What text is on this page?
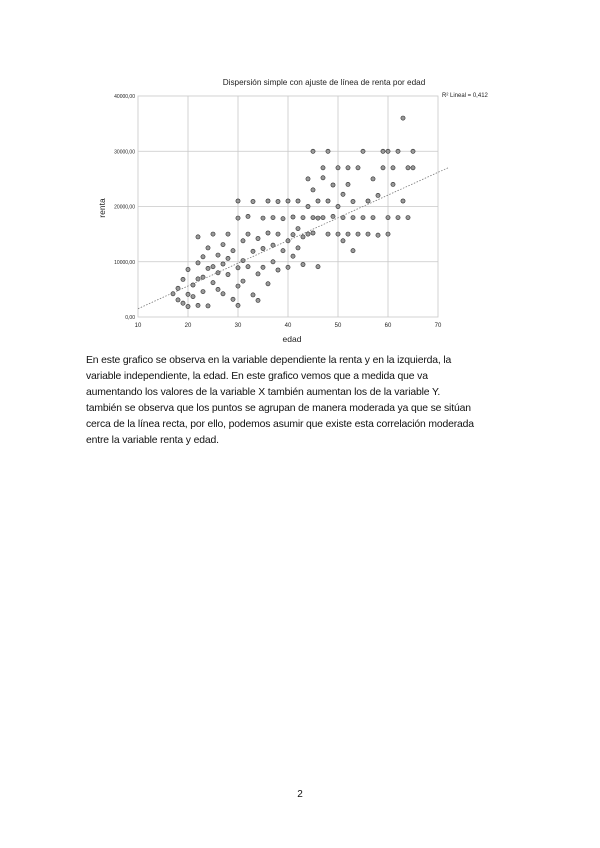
Dispersión simple con ajuste de línea de renta por edad
R² Lineal = 0,412
renta
edad
10	20	30	40	50	60	70
0,00
10000,00
20000,00
30000,00
40000,00

En este grafico se observa en la variable dependiente la renta y en la izquierda, la

variable independiente, la edad. En este grafico vemos que a medida que va

aumentando los valores de la variable X también aumentan los de la variable Y.

también se observa que los puntos se agrupan de manera moderada ya que se sitúan

cerca de la línea recta, por ello, podemos asumir que existe esta correlación moderada

entre la variable renta y edad.

2
